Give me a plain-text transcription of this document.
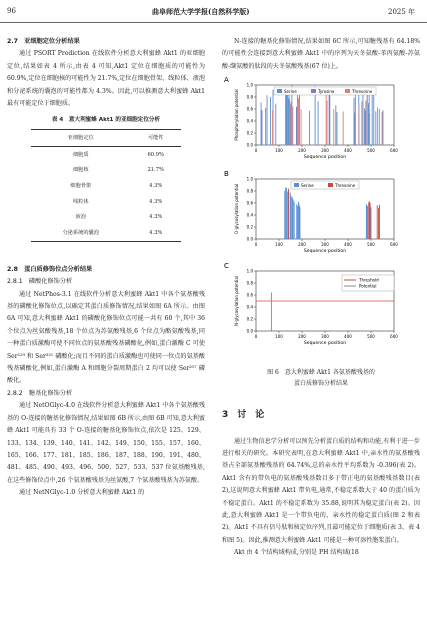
96	曲阜师范大学学报(自然科学版)	2025 年
2.7　亚细胞定位分析结果

通过 PSORT Prediction 在线软件分析意大利蜜蜂 Akt1 的亚细胞定位,结果如表 4 所示,由表 4 可知,Akt1 定位在细胞质的可能性为 60.9%,定位在细胞核的可能性为 21.7%,定位在细胞骨架、线粒体、液泡和分泌系统的囊泡的可能性都为 4.3%。因此,可以推测意大利蜜蜂 Akt1 最有可能定位于细胞质。

表 4　意大利蜜蜂 Akt1 的亚细胞定位分析
亚细胞定位	可能性
细胞质	60.9%
细胞核	21.7%
细胞骨架	4.3%
线粒体	4.3%
液泡	4.3%
分泌系统的囊泡	4.3%
2.8　蛋白质修饰位点分析结果
2.8.1　磷酸化修饰分析

通过 NetPhos-3.1 在线软件分析意大利蜜蜂 Akt1 中各个氨基酸残基的磷酸化修饰位点,以确定其蛋白质修饰情况,结果如图 6A 所示。由图 6A 可知,意大利蜜蜂 Akt1 的磷酸化修饰位点可能一共有 60 个,其中 36 个位点为丝氨酸残基,18 个位点为苏氨酸残基,6 个位点为酪氨酸残基,同一种蛋白质激酶可使不同位点的氨基酸残基磷酸化,例如,蛋白激酶 C 可使 Ser¹²⁹ 和 Ser³²¹ 磷酸化;而且不同的蛋白质激酶也可使同一位点的氨基酸残基磷酸化,例如,蛋白激酶 A 和细胞分裂周期蛋白 2 均可以使 Ser²⁵⁷ 磷酸化。

2.8.2　糖基化修饰分析

通过 NetOGlyc-4.0 在线软件分析意大利蜜蜂 Akt1 中各个氨基酸残基的 O-连接的糖基化修饰情况,结果如图 6B 所示,由图 6B 可知,意大利蜜蜂 Akt1 可能具有 33 个 O-连接的糖基化修饰位点,依次是 125、129、133、134、139、140、141、142、149、150、155、157、160、165、166、177、181、185、186、187、188、190、191、480、481、485、490、493、496、500、527、533、537 位氨基酸残基,在这些修饰位点中,26 个氨基酸残基为丝氨酸,7 个氨基酸残基为苏氨酸。

通过 NetNGlyc-1.0 分析意大利蜜蜂 Akt1 的

N-连接的糖基化修饰情况,结果如图 6C 所示,可知糖残基有 64.18% 的可能性会连接到意大利蜜蜂 Akt1 中的序列为天冬氨酸-苯丙氨酸-苏氨酸-缬氨酸的肽段的天冬氨酸残基(67 位)上。

A
0.0
0.2
0.4
0.6
0.8
1.0
0	100	200	300	400	500	600
Sequence position
Phosphorylation potential	Serine	Tyrosine	Threonine
B
0.0
0.2
0.4
0.6
0.8
1.0
0	100	200	300	400	500	600
Sequence position
O-glycosylation potential	Serine	Threonine
C
0.0
0.2
0.4
0.6
0.8
1.0
0	100	200	300	400	500	600
Sequence position
N-glycosylation potential	Threshold
Potential
图 6　意大利蜜蜂 Akt1 各氨基酸残基的
蛋白质修饰分析结果
3　讨　论

通过生物信息学分析可以预先分析蛋白质的结构和功能,有利于进一步进行相关的研究。本研究表明,在意大利蜜蜂 Akt1 中,亲水性的氨基酸残基占全部氨基酸残基的 64.74%,总的亲水性平均系数为 -0.396(表 2)。Akt1 含有的带负电的氨基酸残基数目多于带正电的氨基酸残基数目(表 2),这说明意大利蜜蜂 Akt1 带负电,通常,不稳定系数大于 40 的蛋白质为不稳定蛋白。Akt1 的不稳定系数为 35.88,说明其为稳定蛋白(表 2)。因此,意大利蜜蜂 Akt1 是一个带负电的、亲水性的稳定蛋白质(图 2 和表 2)。Akt1 不具有信号肽和核定位序列,且最可能定位于细胞质(表 3、表 4 和图 5)。因此,推测意大利蜜蜂 Akt1 可能是一种可溶性胞浆蛋白。

Akt 由 4 个结构域构成,分别是 PH 结构域(18
